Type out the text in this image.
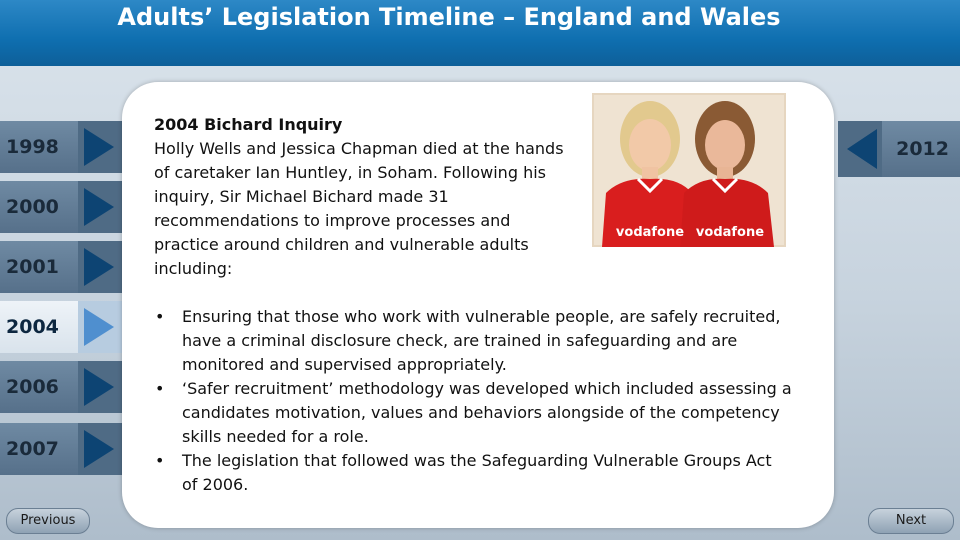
Adults’ Legislation Timeline – England and Wales
1998
2000
2001
2004
2006
2007
2012
2004 Bichard Inquiry
Holly Wells and Jessica Chapman died at the hands of caretaker Ian Huntley, in Soham. Following his inquiry, Sir Michael Bichard made 31 recommendations to improve processes and practice around children and vulnerable adults including:
vodafone vodafone
• Ensuring that those who work with vulnerable people, are safely recruited, have a criminal disclosure check, are trained in safeguarding and are monitored and supervised appropriately.
• ‘Safer recruitment’ methodology was developed which included assessing a candidates motivation, values and behaviors alongside of the competency skills needed for a role.
• The legislation that followed was the Safeguarding Vulnerable Groups Act of 2006.
Previous	Next
